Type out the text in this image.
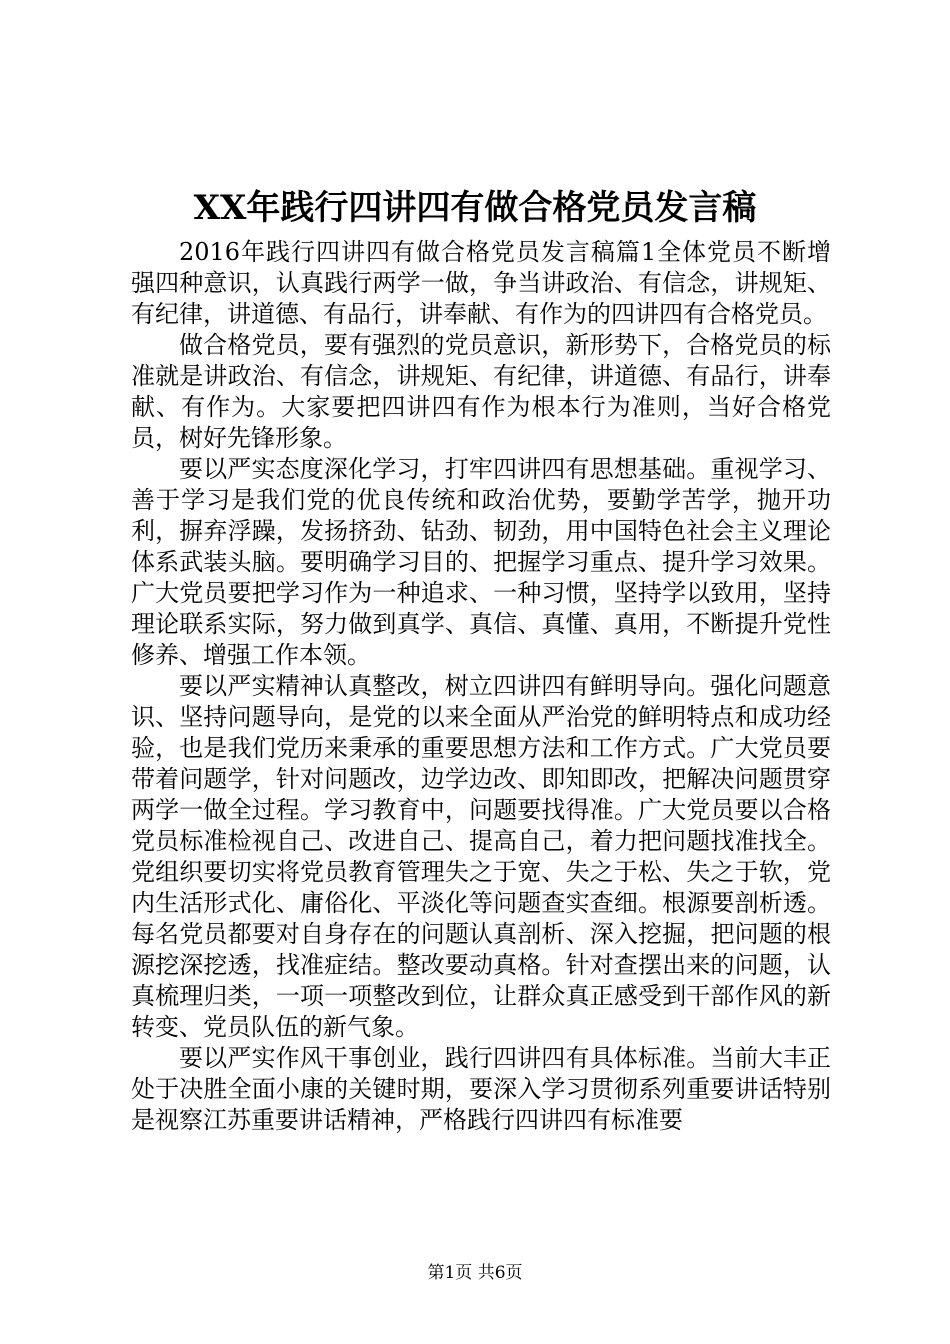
XX年践行四讲四有做合格党员发言稿

2016年践行四讲四有做合格党员发言稿篇1全体党员不断增强四种意识，认真践行两学一做，争当讲政治、有信念，讲规矩、有纪律，讲道德、有品行，讲奉献、有作为的四讲四有合格党员。

做合格党员，要有强烈的党员意识，新形势下，合格党员的标准就是讲政治、有信念，讲规矩、有纪律，讲道德、有品行，讲奉献、有作为。大家要把四讲四有作为根本行为准则，当好合格党员，树好先锋形象。

要以严实态度深化学习，打牢四讲四有思想基础。重视学习、善于学习是我们党的优良传统和政治优势，要勤学苦学，抛开功利，摒弃浮躁，发扬挤劲、钻劲、韧劲，用中国特色社会主义理论体系武装头脑。要明确学习目的、把握学习重点、提升学习效果。广大党员要把学习作为一种追求、一种习惯，坚持学以致用，坚持理论联系实际，努力做到真学、真信、真懂、真用，不断提升党性修养、增强工作本领。

要以严实精神认真整改，树立四讲四有鲜明导向。强化问题意识、坚持问题导向，是党的以来全面从严治党的鲜明特点和成功经验，也是我们党历来秉承的重要思想方法和工作方式。广大党员要带着问题学，针对问题改，边学边改、即知即改，把解决问题贯穿两学一做全过程。学习教育中，问题要找得准。广大党员要以合格党员标准检视自己、改进自己、提高自己，着力把问题找准找全。党组织要切实将党员教育管理失之于宽、失之于松、失之于软，党内生活形式化、庸俗化、平淡化等问题查实查细。根源要剖析透。每名党员都要对自身存在的问题认真剖析、深入挖掘，把问题的根源挖深挖透，找准症结。整改要动真格。针对查摆出来的问题，认真梳理归类，一项一项整改到位，让群众真正感受到干部作风的新转变、党员队伍的新气象。

要以严实作风干事创业，践行四讲四有具体标准。当前大丰正处于决胜全面小康的关键时期，要深入学习贯彻系列重要讲话特别是视察江苏重要讲话精神，严格践行四讲四有标准要

第1页 共6页
